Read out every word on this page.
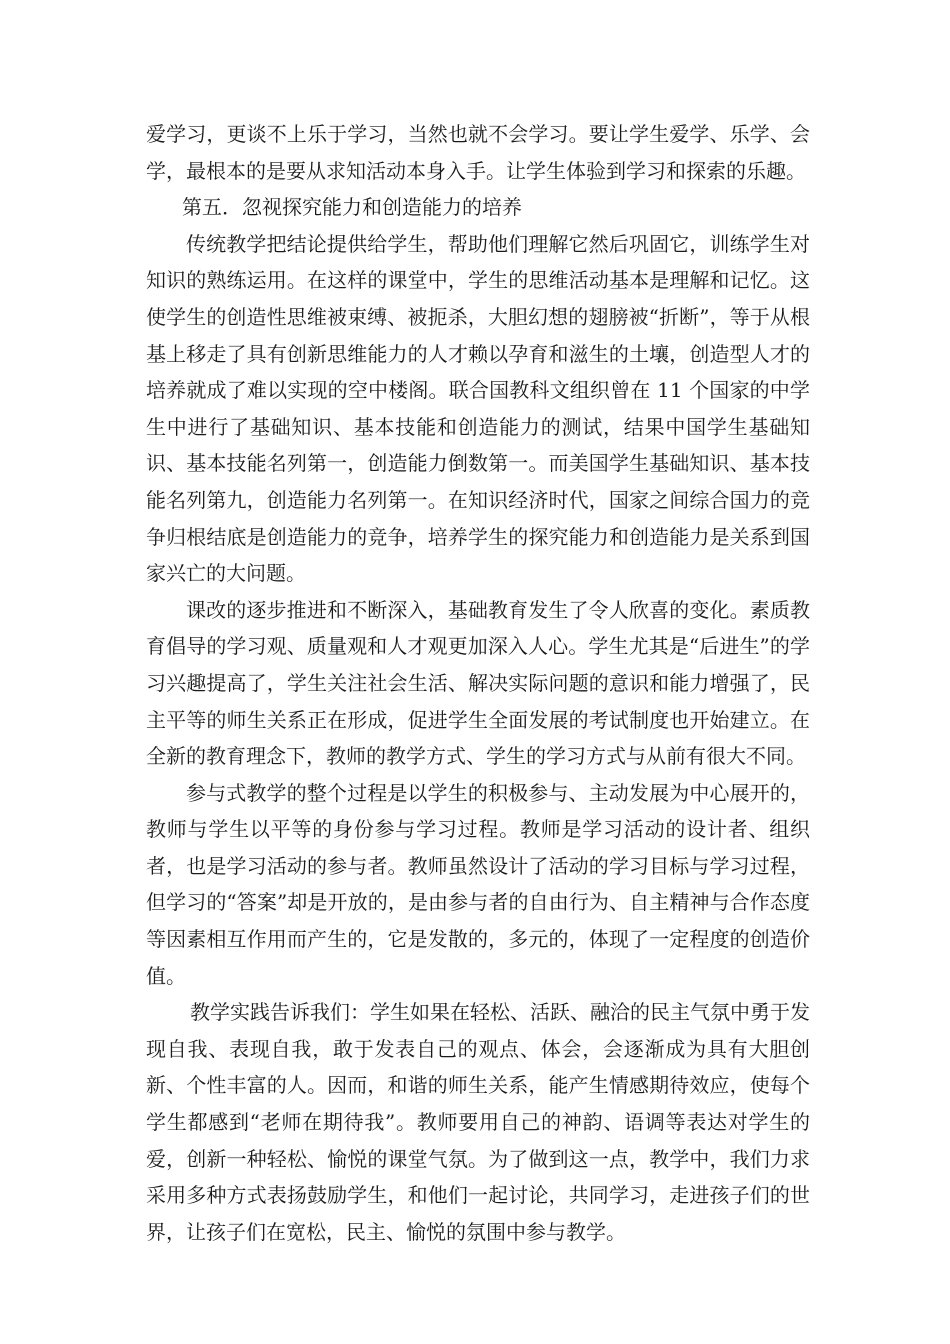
爱学习，更谈不上乐于学习，当然也就不会学习。要让学生爱学、乐学、会学，最根本的是要从求知活动本身入手。让学生体验到学习和探索的乐趣。

第五．忽视探究能力和创造能力的培养

传统教学把结论提供给学生，帮助他们理解它然后巩固它，训练学生对知识的熟练运用。在这样的课堂中，学生的思维活动基本是理解和记忆。这使学生的创造性思维被束缚、被扼杀，大胆幻想的翅膀被“折断”，等于从根基上移走了具有创新思维能力的人才赖以孕育和滋生的土壤，创造型人才的培养就成了难以实现的空中楼阁。联合国教科文组织曾在 11 个国家的中学生中进行了基础知识、基本技能和创造能力的测试，结果中国学生基础知识、基本技能名列第一，创造能力倒数第一。而美国学生基础知识、基本技能名列第九，创造能力名列第一。在知识经济时代，国家之间综合国力的竞争归根结底是创造能力的竞争，培养学生的探究能力和创造能力是关系到国家兴亡的大问题。

课改的逐步推进和不断深入，基础教育发生了令人欣喜的变化。素质教育倡导的学习观、质量观和人才观更加深入人心。学生尤其是“后进生”的学习兴趣提高了，学生关注社会生活、解决实际问题的意识和能力增强了，民主平等的师生关系正在形成，促进学生全面发展的考试制度也开始建立。在全新的教育理念下，教师的教学方式、学生的学习方式与从前有很大不同。

参与式教学的整个过程是以学生的积极参与、主动发展为中心展开的，教师与学生以平等的身份参与学习过程。教师是学习活动的设计者、组织者，也是学习活动的参与者。教师虽然设计了活动的学习目标与学习过程，但学习的“答案”却是开放的，是由参与者的自由行为、自主精神与合作态度等因素相互作用而产生的，它是发散的，多元的，体现了一定程度的创造价值。

教学实践告诉我们：学生如果在轻松、活跃、融洽的民主气氛中勇于发现自我、表现自我，敢于发表自己的观点、体会，会逐渐成为具有大胆创新、个性丰富的人。因而，和谐的师生关系，能产生情感期待效应，使每个学生都感到“老师在期待我”。教师要用自己的神韵、语调等表达对学生的爱，创新一种轻松、愉悦的课堂气氛。为了做到这一点，教学中，我们力求采用多种方式表扬鼓励学生，和他们一起讨论，共同学习，走进孩子们的世界，让孩子们在宽松，民主、愉悦的氛围中参与教学。
